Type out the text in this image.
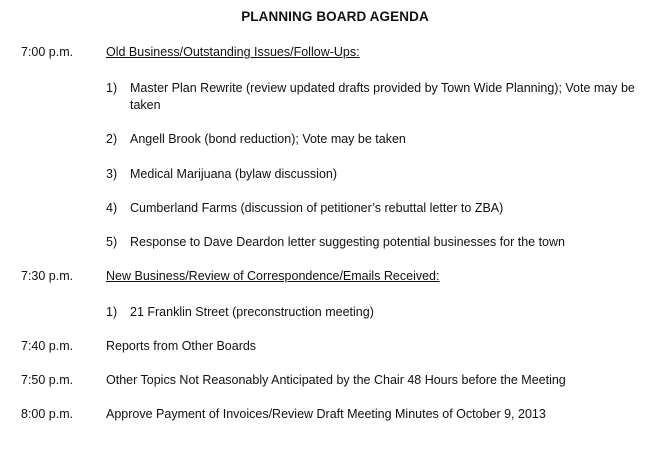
PLANNING BOARD AGENDA
7:00 p.m.	Old Business/Outstanding Issues/Follow-Ups:
1)	Master Plan Rewrite (review updated drafts provided by Town Wide Planning); Vote may be taken
2)	Angell Brook (bond reduction); Vote may be taken
3)	Medical Marijuana (bylaw discussion)
4)	Cumberland Farms (discussion of petitioner’s rebuttal letter to ZBA)
5)	Response to Dave Deardon letter suggesting potential businesses for the town
7:30 p.m.	New Business/Review of Correspondence/Emails Received:
1)	21 Franklin Street (preconstruction meeting)
7:40 p.m.	Reports from Other Boards
7:50 p.m.	Other Topics Not Reasonably Anticipated by the Chair 48 Hours before the Meeting
8:00 p.m.	Approve Payment of Invoices/Review Draft Meeting Minutes of October 9, 2013
